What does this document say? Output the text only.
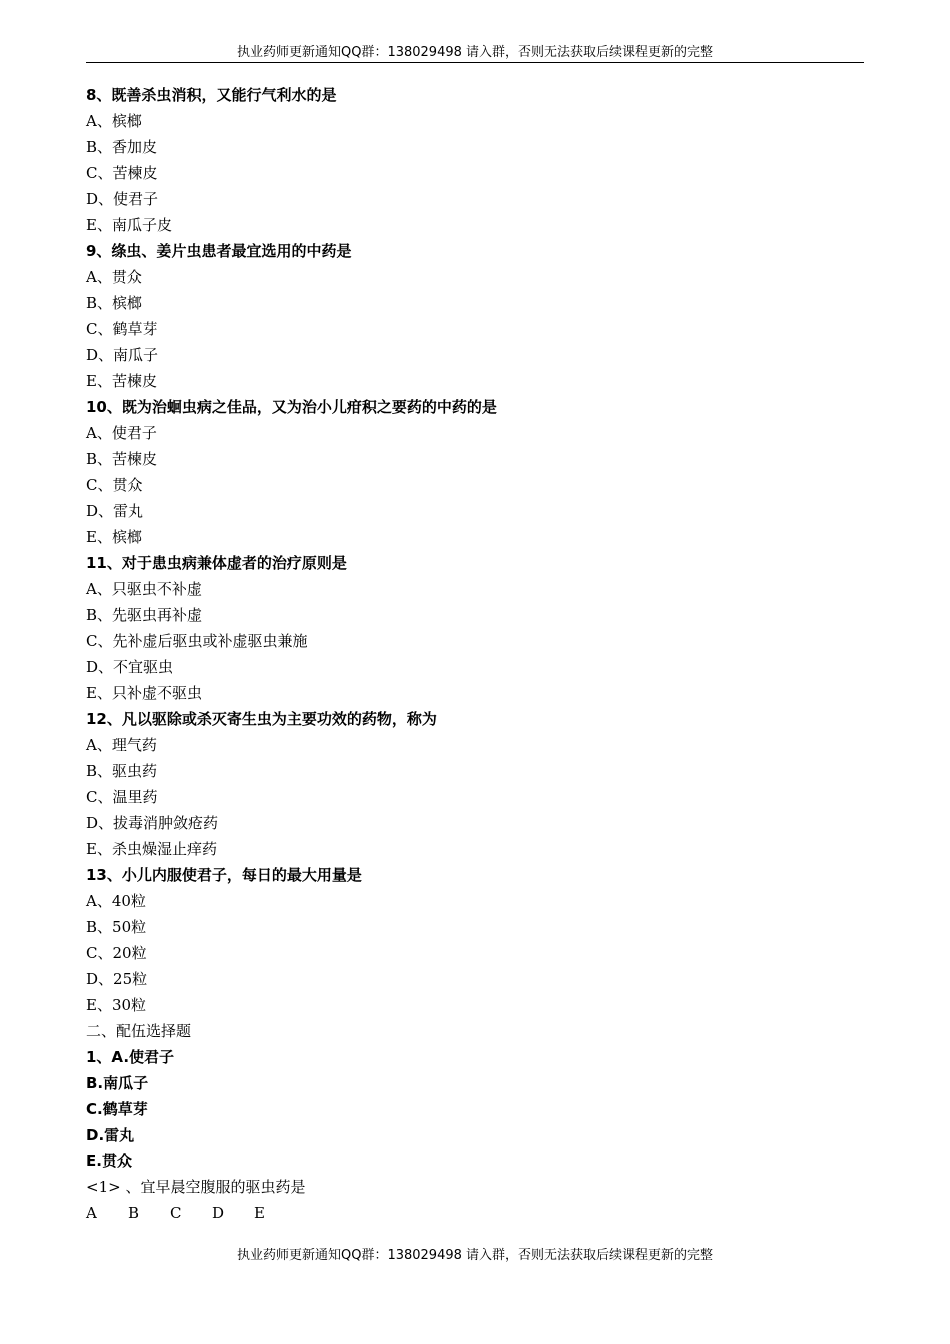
执业药师更新通知QQ群：138029498 请入群，否则无法获取后续课程更新的完整
8、既善杀虫消积，又能行气利水的是
A、槟榔
B、香加皮
C、苦楝皮
D、使君子
E、南瓜子皮
9、绦虫、姜片虫患者最宜选用的中药是
A、贯众
B、槟榔
C、鹤草芽
D、南瓜子
E、苦楝皮
10、既为治蛔虫病之佳品，又为治小儿疳积之要药的中药的是
A、使君子
B、苦楝皮
C、贯众
D、雷丸
E、槟榔
11、对于患虫病兼体虚者的治疗原则是
A、只驱虫不补虚
B、先驱虫再补虚
C、先补虚后驱虫或补虚驱虫兼施
D、不宜驱虫
E、只补虚不驱虫
12、凡以驱除或杀灭寄生虫为主要功效的药物，称为
A、理气药
B、驱虫药
C、温里药
D、拔毒消肿敛疮药
E、杀虫燥湿止痒药
13、小儿内服使君子，每日的最大用量是
A、40粒
B、50粒
C、20粒
D、25粒
E、30粒
二、配伍选择题
1、A.使君子
B.南瓜子
C.鹤草芽
D.雷丸
E.贯众
<1> 、宜早晨空腹服的驱虫药是
A	B	C	D	E
执业药师更新通知QQ群：138029498 请入群，否则无法获取后续课程更新的完整
